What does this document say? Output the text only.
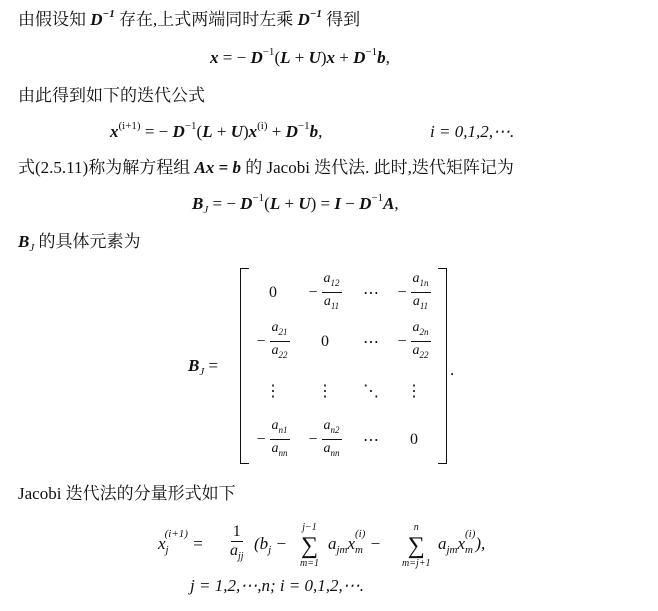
由假设知 $D^{-1}$ 存在,上式两端同时左乘 $D^{-1}$ 得到
x = − $D^{-1}(L + U)x + D^{-1}b$,
由此得到如下的迭代公式
$x^{(i+1)}$ = − $D^{-1}(L + U)x^{(i)} + D^{-1}b$,	i = 0,1,2,⋯.
式(2.5.11)称为解方程组 Ax = b 的 Jacobi 迭代法. 此时,迭代矩阵记为
$B_J$ = − $D^{-1}(L + U) = I - D^{-1}A$,
$B_J$ 的具体元素为
$B_J$ =
$0 - \frac{a_{12}}{a_{11}}$ ⋯ − $\frac{a_{1n}}{a_{11}}$
− $\frac{a_{21}}{a_{22}} 0$ ⋯ − $\frac{a_{2n}}{a_{22}}$
⋮ ⋮ ⋱ ⋮
− $\frac{a_{n1}}{a_{nn}} - \frac{a_{n2}}{a_{nn}}$ ⋯ 0
.
Jacobi 迭代法的分量形式如下
$x_j^{(i+1)} = \frac{1}{a_{jj}} (b_j$ −
j−1
∑
m=1
$a_{jm}x_m^{(i)}$ −
n
∑
m=j+1
$a_{jm}x_m^{(i)}$),
j = 1,2,⋯,n; i = 0,1,2,⋯.
